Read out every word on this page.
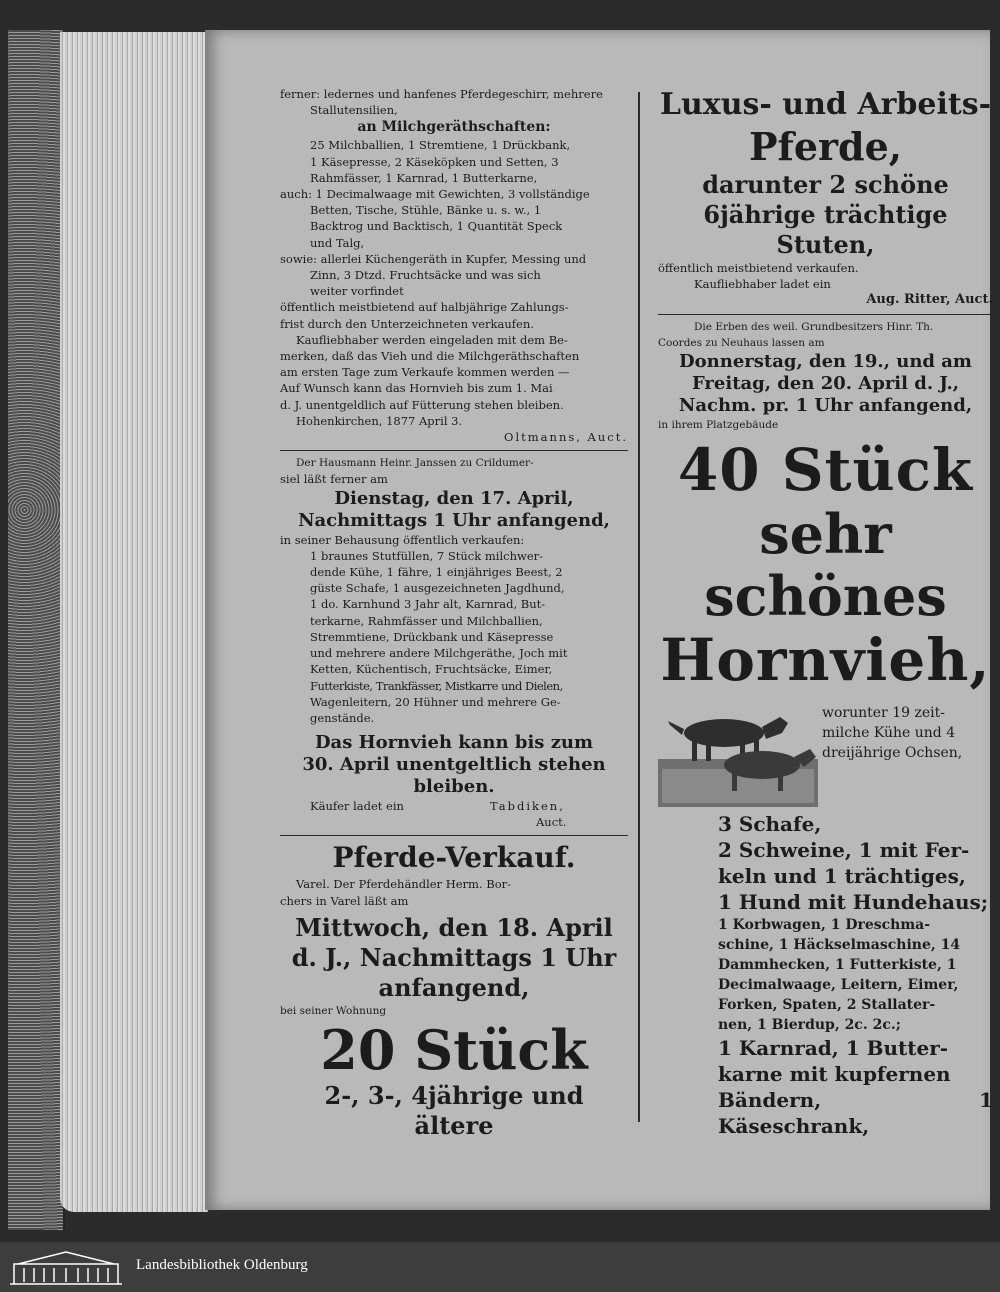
ferner: ledernes und hanfenes Pferdegeschirr, mehrere

Stallutensilien,

an Milchgeräthschaften:

25 Milchballien, 1 Stremtiene, 1 Drückbank,

1 Käsepresse, 2 Käseköpken und Setten, 3

Rahmfässer, 1 Karnrad, 1 Butterkarne,

auch: 1 Decimalwaage mit Gewichten, 3 vollständige

Betten, Tische, Stühle, Bänke u. s. w., 1

Backtrog und Backtisch, 1 Quantität Speck

und Talg,

sowie: allerlei Küchengeräth in Kupfer, Messing und

Zinn, 3 Dtzd. Fruchtsäcke und was sich

weiter vorfindet

öffentlich meistbietend auf halbjährige Zahlungs-

frist durch den Unterzeichneten verkaufen.

Kaufliebhaber werden eingeladen mit dem Be-

merken, daß das Vieh und die Milchgeräthschaften

am ersten Tage zum Verkaufe kommen werden —

Auf Wunsch kann das Hornvieh bis zum 1. Mai

d. J. unentgeldlich auf Fütterung stehen bleiben.

Hohenkirchen, 1877 April 3.

Oltmanns, Auct.

Der Hausmann Heinr. Janssen zu Crildumer-

siel läßt ferner am

Dienstag, den 17. April,

Nachmittags 1 Uhr anfangend,

in seiner Behausung öffentlich verkaufen:

1 braunes Stutfüllen, 7 Stück milchwer-

dende Kühe, 1 fähre, 1 einjähriges Beest, 2

güste Schafe, 1 ausgezeichneten Jagdhund,

1 do. Karnhund 3 Jahr alt, Karnrad, But-

terkarne, Rahmfässer und Milchballien,

Stremmtiene, Drückbank und Käsepresse

und mehrere andere Milchgeräthe, Joch mit

Ketten, Küchentisch, Fruchtsäcke, Eimer,

Futterkiste, Trankfässer, Mistkarre und Dielen,

Wagenleitern, 20 Hühner und mehrere Ge-

genstände.

Das Hornvieh kann bis zum

30. April unentgeltlich stehen bleiben.

Käufer ladet ein	Tabdiken,

Auct.

Pferde-Verkauf.

Varel. Der Pferdehändler Herm. Bor-

chers in Varel läßt am

Mittwoch, den 18. April

d. J., Nachmittags 1 Uhr

anfangend,

bei seiner Wohnung

20 Stück

2-, 3-, 4jährige und

ältere

Luxus- und Arbeits-

Pferde,

darunter 2 schöne

6jährige trächtige

Stuten,

öffentlich meistbietend verkaufen.

Kaufliebhaber ladet ein

Aug. Ritter, Auct.

Die Erben des weil. Grundbesitzers Hinr. Th.

Coordes zu Neuhaus lassen am

Donnerstag, den 19., und am

Freitag, den 20. April d. J.,

Nachm. pr. 1 Uhr anfangend,

in ihrem Platzgebäude

40 Stück

sehr schönes

Hornvieh,

worunter 19 zeit-

milche Kühe und 4

dreijährige Ochsen,

3 Schafe,

2 Schweine, 1 mit Fer-

keln und 1 trächtiges,

1 Hund mit Hundehaus;

1 Korbwagen, 1 Dreschma-

schine, 1 Häckselmaschine, 14

Dammhecken, 1 Futterkiste, 1

Decimalwaage, Leitern, Eimer,

Forken, Spaten, 2 Stallater-

nen, 1 Bierdup, 2c. 2c.;

1 Karnrad, 1 Butter-

karne mit kupfernen

Bändern, 1 Käseschrank,

Landesbibliothek Oldenburg
